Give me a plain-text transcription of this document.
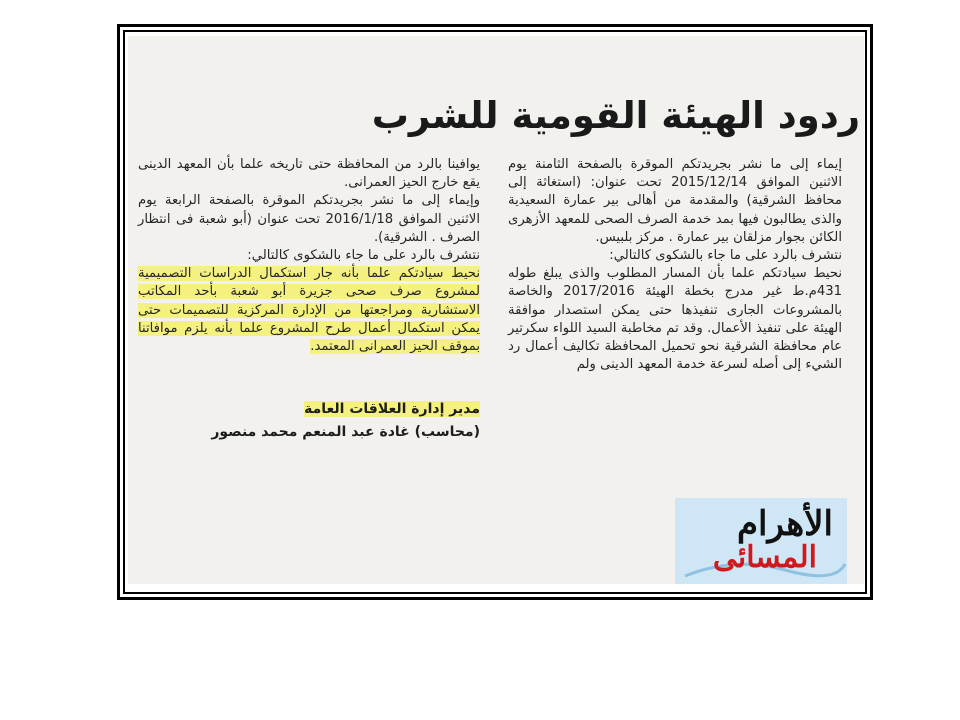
ردود الهيئة القومية للشرب

إيماء إلى ما نشر بجريدتكم الموقرة بالصفحة الثامنة يوم الاثنين الموافق 2015/12/14 تحت عنوان: (استغاثة إلى محافظ الشرقية) والمقدمة من أهالى بير عمارة السعيدية والذى يطالبون فيها بمد خدمة الصرف الصحى للمعهد الأزهرى الكائن بجوار مزلقان بير عمارة . مركز بلبيس.

نتشرف بالرد على ما جاء بالشكوى كالتالي:

نحيط سيادتكم علما بأن المسار المطلوب والذى يبلغ طوله 431م.ط غير مدرج بخطة الهيئة 2017/2016 والخاصة بالمشروعات الجارى تنفيذها حتى يمكن استصدار موافقة الهيئة على تنفيذ الأعمال. وقد تم مخاطبة السيد اللواء سكرتير عام محافظة الشرقية نحو تحميل المحافظة تكاليف أعمال رد الشيء إلى أصله لسرعة خدمة المعهد الدينى ولم

يوافينا بالرد من المحافظة حتى تاريخه علما بأن المعهد الدينى يقع خارج الحيز العمرانى.

وإيماء إلى ما نشر بجريدتكم الموقرة بالصفحة الرابعة يوم الاثنين الموافق 2016/1/18 تحت عنوان (أبو شعبة فى انتظار الصرف . الشرقية).

نتشرف بالرد على ما جاء بالشكوى كالتالي:

نحيط سيادتكم علما بأنه جار استكمال الدراسات التصميمية لمشروع صرف صحى جزيرة أبو شعبة بأحد المكاتب الاستشارية ومراجعتها من الإدارة المركزية للتصميمات حتى يمكن استكمال أعمال طرح المشروع علما بأنه يلزم موافاتنا بموقف الحيز العمرانى المعتمد.

مدير إدارة العلاقات العامة
(محاسب) غادة عبد المنعم محمد منصور
الأهرام
المسائى
